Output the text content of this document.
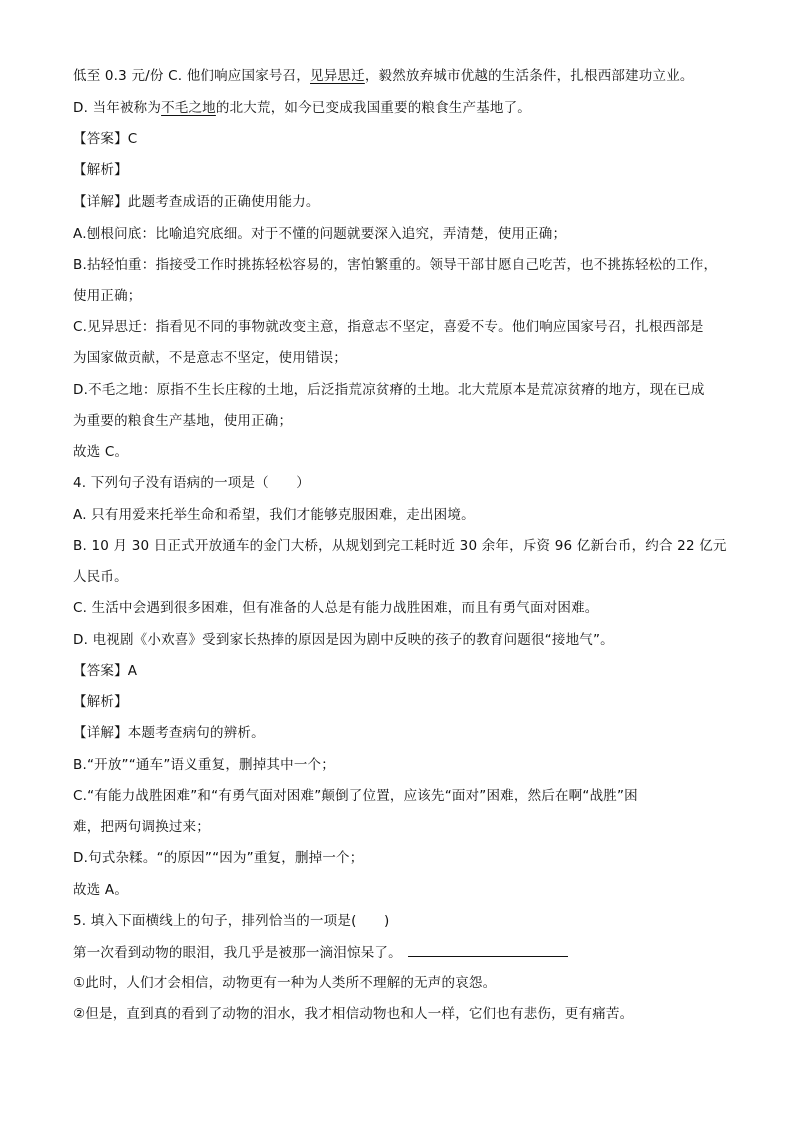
低至 0.3 元/份 C. 他们响应国家号召，见异思迁，毅然放弃城市优越的生活条件，扎根西部建功立业。
D. 当年被称为不毛之地的北大荒，如今已变成我国重要的粮食生产基地了。
【答案】C
【解析】
【详解】此题考查成语的正确使用能力。
A.刨根问底：比喻追究底细。对于不懂的问题就要深入追究，弄清楚，使用正确；
B.拈轻怕重：指接受工作时挑拣轻松容易的，害怕繁重的。领导干部甘愿自己吃苦，也不挑拣轻松的工作，
使用正确；
C.见异思迁：指看见不同的事物就改变主意，指意志不坚定，喜爱不专。他们响应国家号召，扎根西部是
为国家做贡献，不是意志不坚定，使用错误；
D.不毛之地：原指不生长庄稼的土地，后泛指荒凉贫瘠的土地。北大荒原本是荒凉贫瘠的地方，现在已成
为重要的粮食生产基地，使用正确；
故选 C。
4. 下列句子没有语病的一项是（　　）
A. 只有用爱来托举生命和希望，我们才能够克服困难，走出困境。
B. 10 月 30 日正式开放通车的金门大桥，从规划到完工耗时近 30 余年，斥资 96 亿新台币，约合 22 亿元
人民币。
C. 生活中会遇到很多困难，但有准备的人总是有能力战胜困难，而且有勇气面对困难。
D. 电视剧《小欢喜》受到家长热捧的原因是因为剧中反映的孩子的教育问题很“接地气”。
【答案】A
【解析】
【详解】本题考查病句的辨析。
B.“开放”“通车”语义重复，删掉其中一个；
C.“有能力战胜困难”和“有勇气面对困难”颠倒了位置，应该先“面对”困难，然后在啊“战胜”困
难，把两句调换过来；
D.句式杂糅。“的原因”“因为”重复，删掉一个；
故选 A。
5. 填入下面横线上的句子，排列恰当的一项是(　　)
第一次看到动物的眼泪，我几乎是被那一滴泪惊呆了。
①此时，人们才会相信，动物更有一种为人类所不理解的无声的哀怨。
②但是，直到真的看到了动物的泪水，我才相信动物也和人一样，它们也有悲伤，更有痛苦。
